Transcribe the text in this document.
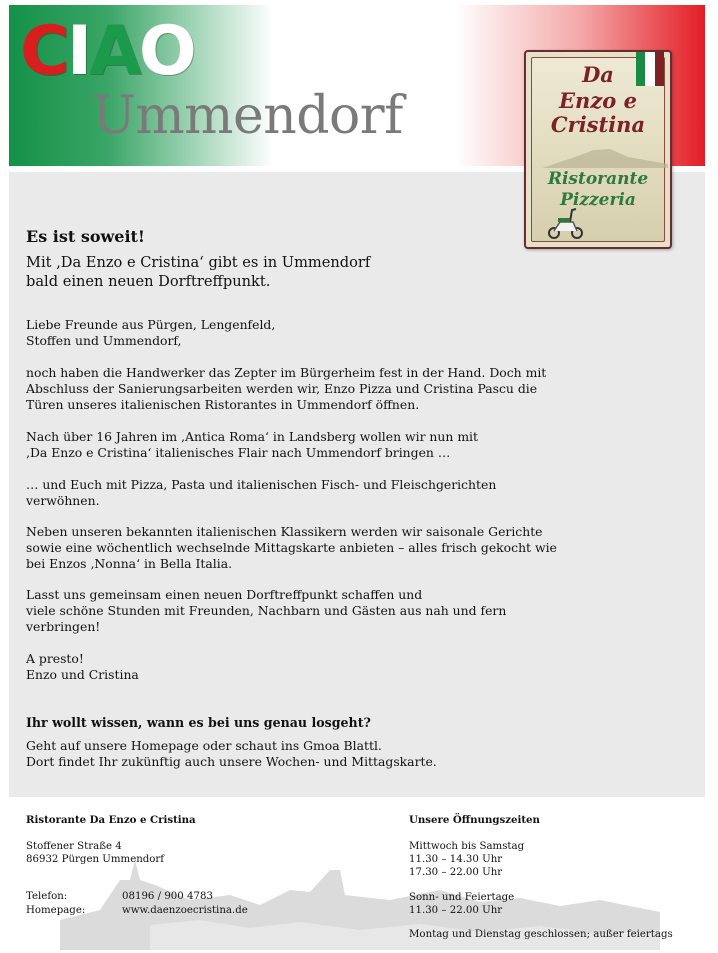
CIAO
Ummendorf
Da
Enzo e
Cristina
Ristorante
Pizzeria
Es ist soweit!
Mit ‚Da Enzo e Cristina‘ gibt es in Ummendorf
bald einen neuen Dorftreffpunkt.
Liebe Freunde aus Pürgen, Lengenfeld,
Stoffen und Ummendorf,
noch haben die Handwerker das Zepter im Bürgerheim fest in der Hand. Doch mit
Abschluss der Sanierungsarbeiten werden wir, Enzo Pizza und Cristina Pascu die
Türen unseres italienischen Ristorantes in Ummendorf öffnen.
Nach über 16 Jahren im ‚Antica Roma‘ in Landsberg wollen wir nun mit
‚Da Enzo e Cristina‘ italienisches Flair nach Ummendorf bringen …
… und Euch mit Pizza, Pasta und italienischen Fisch- und Fleischgerichten
verwöhnen.
Neben unseren bekannten italienischen Klassikern werden wir saisonale Gerichte
sowie eine wöchentlich wechselnde Mittagskarte anbieten – alles frisch gekocht wie
bei Enzos ‚Nonna‘ in Bella Italia.
Lasst uns gemeinsam einen neuen Dorftreffpunkt schaffen und
viele schöne Stunden mit Freunden, Nachbarn und Gästen aus nah und fern
verbringen!
A presto!
Enzo und Cristina
Ihr wollt wissen, wann es bei uns genau losgeht?
Geht auf unsere Homepage oder schaut ins Gmoa Blattl.
Dort findet Ihr zukünftig auch unsere Wochen- und Mittagskarte.
Ristorante Da Enzo e Cristina
Stoffener Straße 4
86932 Pürgen Ummendorf
Telefon:	08196 / 900 4783
Homepage:	www.daenzoecristina.de
Unsere Öffnungszeiten
Mittwoch bis Samstag
11.30 – 14.30 Uhr
17.30 – 22.00 Uhr
Sonn- und Feiertage
11.30 – 22.00 Uhr
Montag und Dienstag geschlossen; außer feiertags
